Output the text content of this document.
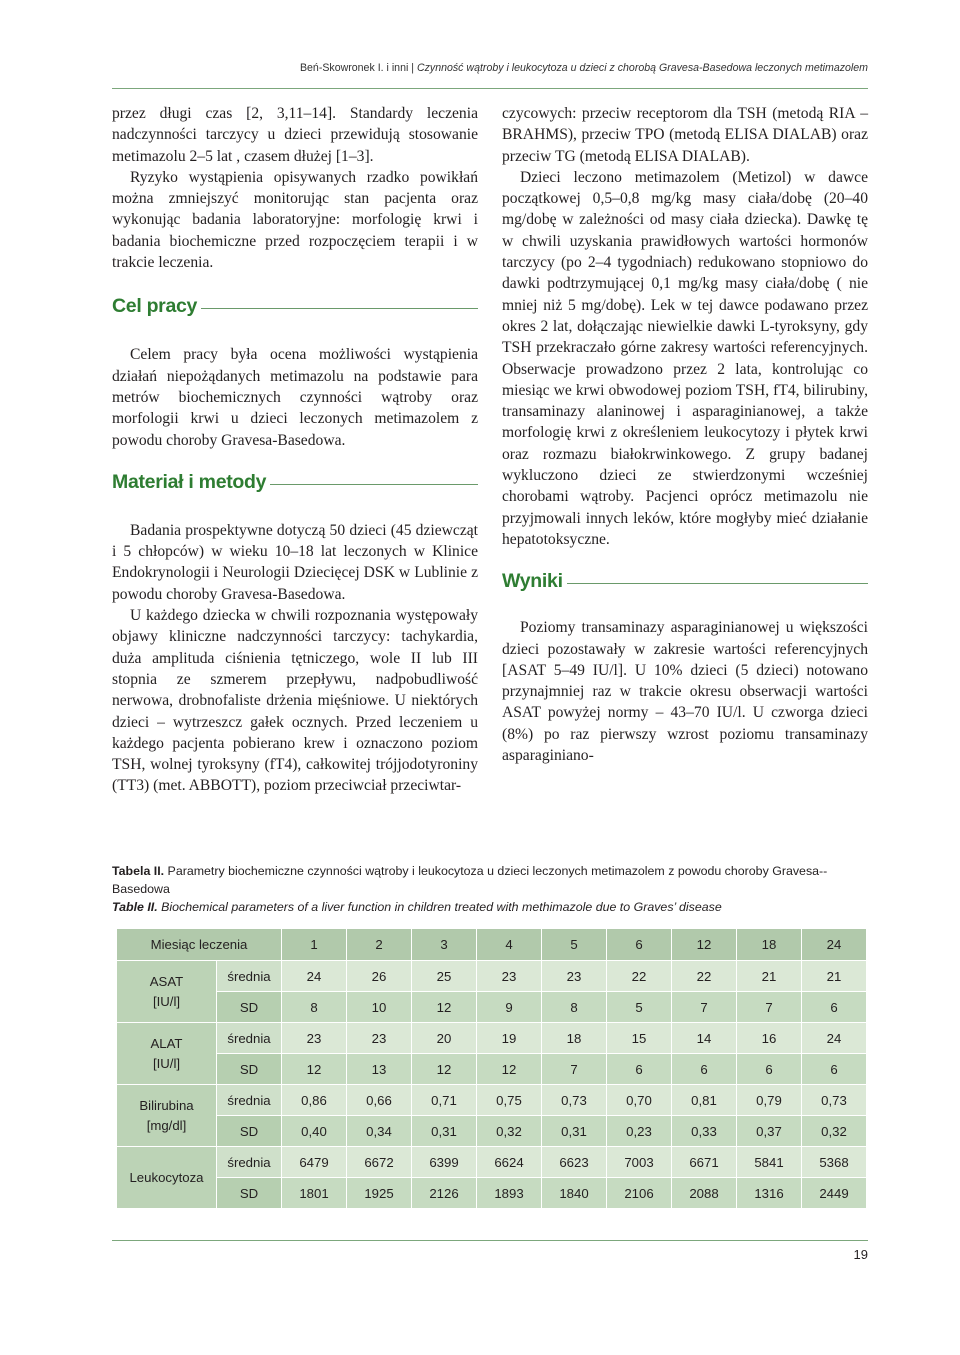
Beń-Skowronek I. i inni | Czynność wątroby i leukocytoza u dzieci z chorobą Gravesa-Basedowa leczonych metimazolem

przez długi czas [2, 3,11–14]. Standardy leczenia nadczynności tarczycy u dzieci przewidują stosowanie metimazolu 2–5 lat , czasem dłużej [1–3].

Ryzyko wystąpienia opisywanych rzadko powikłań można zmniejszyć monitorując stan pacjenta oraz wykonując badania laboratoryjne: morfologię krwi i badania biochemiczne przed rozpoczęciem terapii i w trakcie leczenia.

Cel pracy

Celem pracy była ocena możliwości wystąpienia działań niepożądanych metimazolu na podstawie para metrów biochemicznych czynności wątroby oraz morfologii krwi u dzieci leczonych metimazolem z powodu choroby Gravesa-Basedowa.

Materiał i metody

Badania prospektywne dotyczą 50 dzieci (45 dziewcząt i 5 chłopców) w wieku 10–18 lat leczonych w Klinice Endokrynologii i Neurologii Dziecięcej DSK w Lublinie z powodu choroby Gravesa-Basedowa.

U każdego dziecka w chwili rozpoznania występowały objawy kliniczne nadczynności tarczycy: tachykardia, duża amplituda ciśnienia tętniczego, wole II lub III stopnia ze szmerem przepływu, nadpobudliwość nerwowa, drobnofaliste drżenia mięśniowe. U niektórych dzieci – wytrzeszcz gałek ocznych. Przed leczeniem u każdego pacjenta pobierano krew i oznaczono poziom TSH, wolnej tyroksyny (fT4), całkowitej trójjodotyroniny (TT3) (met. ABBOTT), poziom przeciwciał przeciwtar-

czycowych: przeciw receptorom dla TSH (metodą RIA – BRAHMS), przeciw TPO (metodą ELISA DIALAB) oraz przeciw TG (metodą ELISA DIALAB).

Dzieci leczono metimazolem (Metizol) w dawce początkowej 0,5–0,8 mg/kg masy ciała/dobę (20–40 mg/dobę w zależności od masy ciała dziecka). Dawkę tę w chwili uzyskania prawidłowych wartości hormonów tarczycy (po 2–4 tygodniach) redukowano stopniowo do dawki podtrzymującej 0,1 mg/kg masy ciała/dobę ( nie mniej niż 5 mg/dobę). Lek w tej dawce podawano przez okres 2 lat, dołączając niewielkie dawki L-tyroksyny, gdy TSH przekraczało górne zakresy wartości referencyjnych. Obserwacje prowadzono przez 2 lata, kontrolując co miesiąc we krwi obwodowej poziom TSH, fT4, bilirubiny, transaminazy alaninowej i asparaginianowej, a także morfologię krwi z określeniem leukocytozy i płytek krwi oraz rozmazu białokrwinkowego. Z grupy badanej wykluczono dzieci ze stwierdzonymi wcześniej chorobami wątroby. Pacjenci oprócz metimazolu nie przyjmowali innych leków, które mogłyby mieć działanie hepatotoksyczne.

Wyniki

Poziomy transaminazy asparaginianowej u większości dzieci pozostawały w zakresie wartości referencyjnych [ASAT 5–49 IU/l]. U 10% dzieci (5 dzieci) notowano przynajmniej raz w trakcie okresu obserwacji wartości ASAT powyżej normy – 43–70 IU/l. U czworga dzieci (8%) po raz pierwszy wzrost poziomu transaminazy asparaginiano-

Tabela II. Parametry biochemiczne czynności wątroby i leukocytoza u dzieci leczonych metimazolem z powodu choroby Gravesa--Basedowa
Table II. Biochemical parameters of a liver function in children treated with methimazole due to Graves’ disease
Miesiąc leczenia		1	2	3	4	5	6	12	18	24

ASAT
[IU/l]	średnia	24	26	25	23	23	22	22	21	21
	SD	8	10	12	9	8	5	7	7	6

ALAT
[IU/l]	średnia	23	23	20	19	18	15	14	16	24
	SD	12	13	12	12	7	6	6	6	6

Bilirubina
[mg/dl]	średnia	0,86	0,66	0,71	0,75	0,73	0,70	0,81	0,79	0,73
	SD	0,40	0,34	0,31	0,32	0,31	0,23	0,33	0,37	0,32

Leukocytoza	średnia	6479	6672	6399	6624	6623	7003	6671	5841	5368
	SD	1801	1925	2126	1893	1840	2106	2088	1316	2449
19
